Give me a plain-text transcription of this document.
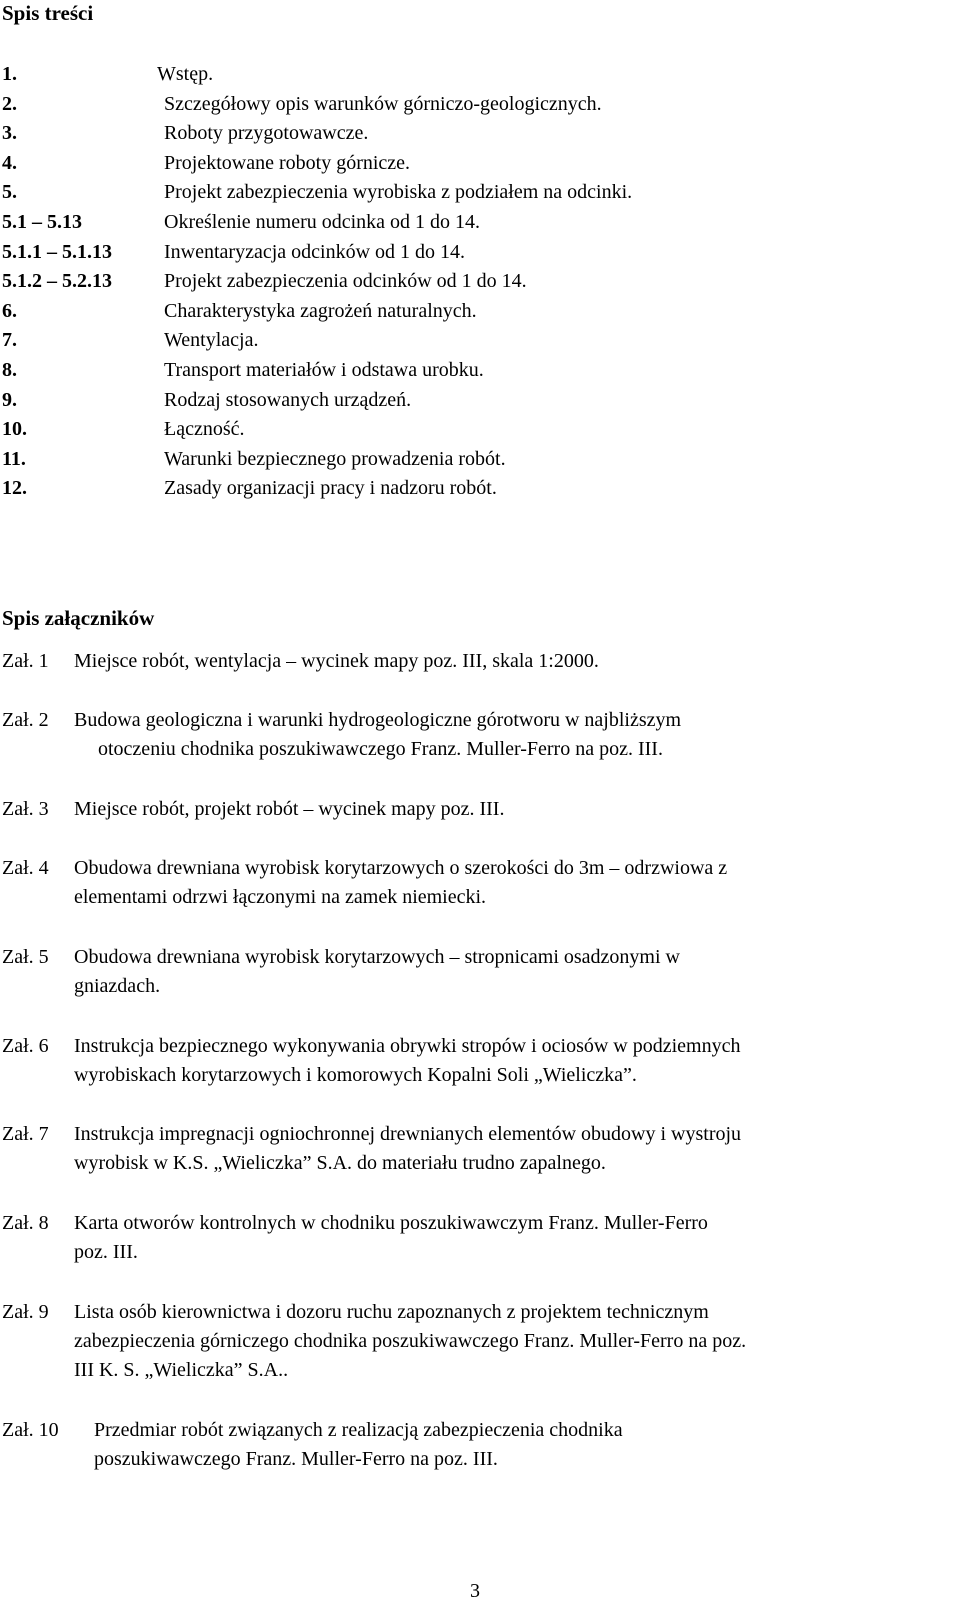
Spis treści
1.	Wstęp.
2.	Szczegółowy opis warunków górniczo-geologicznych.
3.	Roboty przygotowawcze.
4.	Projektowane roboty górnicze.
5.	Projekt zabezpieczenia wyrobiska z podziałem na odcinki.
5.1 – 5.13	Określenie numeru odcinka od 1 do 14.
5.1.1 – 5.1.13	Inwentaryzacja odcinków od 1 do 14.
5.1.2 – 5.2.13	Projekt zabezpieczenia odcinków od 1 do 14.
6.	Charakterystyka zagrożeń naturalnych.
7.	Wentylacja.
8.	Transport materiałów i odstawa urobku.
9.	Rodzaj stosowanych urządzeń.
10.	Łączność.
11.	Warunki bezpiecznego prowadzenia robót.
12.	Zasady organizacji pracy i nadzoru robót.
Spis załączników
Zał. 1 Miejsce robót, wentylacja – wycinek mapy poz. III, skala 1:2000.
Zał. 2 Budowa geologiczna i warunki hydrogeologiczne górotworu w najbliższym
otoczeniu chodnika poszukiwawczego Franz. Muller-Ferro na poz. III.
Zał. 3 Miejsce robót, projekt robót – wycinek mapy poz. III.
Zał. 4 Obudowa drewniana wyrobisk korytarzowych o szerokości do 3m – odrzwiowa z
elementami odrzwi łączonymi na zamek niemiecki.
Zał. 5 Obudowa drewniana wyrobisk korytarzowych – stropnicami osadzonymi w
gniazdach.
Zał. 6 Instrukcja bezpiecznego wykonywania obrywki stropów i ociosów w podziemnych
wyrobiskach korytarzowych i komorowych Kopalni Soli „Wieliczka”.
Zał. 7 Instrukcja impregnacji ogniochronnej drewnianych elementów obudowy i wystroju
wyrobisk w K.S. „Wieliczka” S.A. do materiału trudno zapalnego.
Zał. 8 Karta otworów kontrolnych w chodniku poszukiwawczym Franz. Muller-Ferro
poz. III.
Zał. 9 Lista osób kierownictwa i dozoru ruchu zapoznanych z projektem technicznym
zabezpieczenia górniczego chodnika poszukiwawczego Franz. Muller-Ferro na poz.
III K. S. „Wieliczka” S.A..
Zał. 10 Przedmiar robót związanych z realizacją zabezpieczenia chodnika
poszukiwawczego Franz. Muller-Ferro na poz. III.
3
